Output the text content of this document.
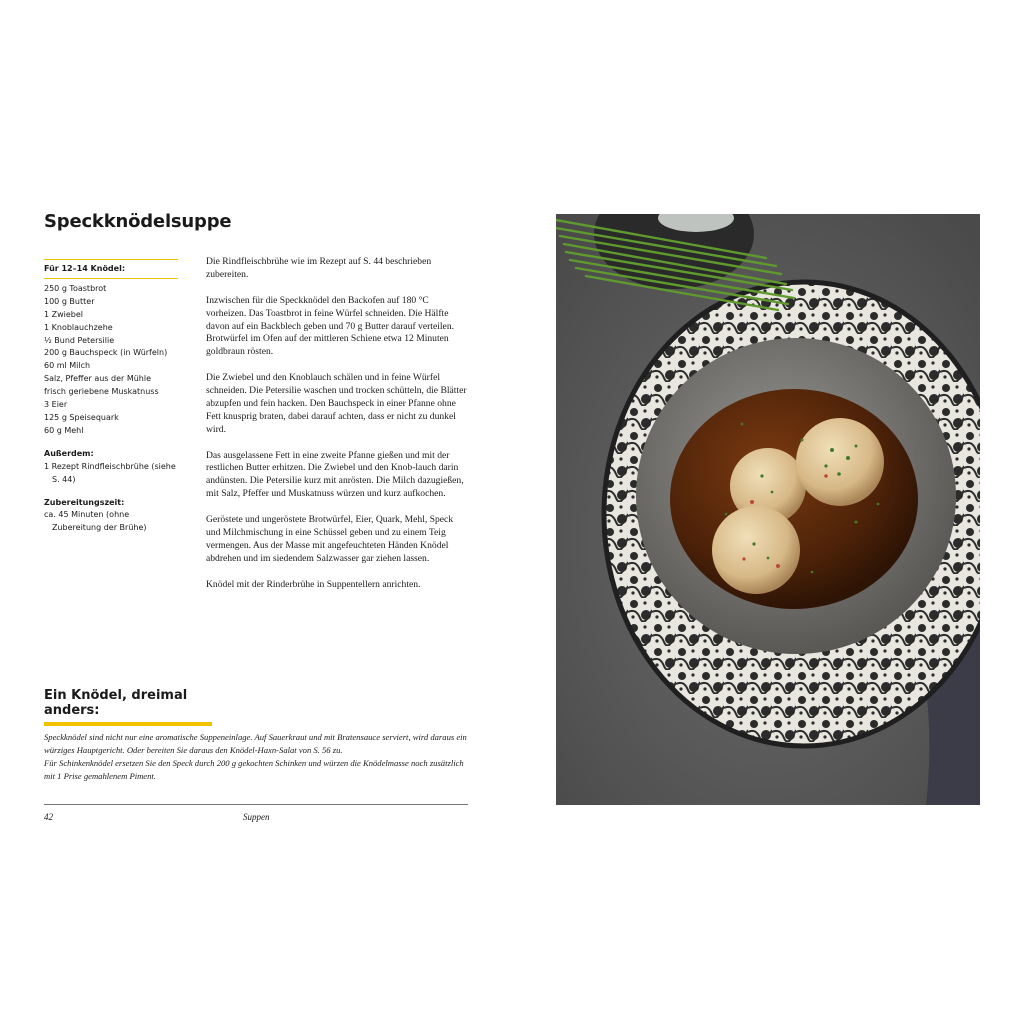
Speckknödelsuppe
Für 12–14 Knödel:
250 g Toastbrot
100 g Butter
1 Zwiebel
1 Knoblauchzehe
½ Bund Petersilie
200 g Bauchspeck (in Würfeln)
60 ml Milch
Salz, Pfeffer aus der Mühle
frisch geriebene Muskatnuss
3 Eier
125 g Speisequark
60 g Mehl
Außerdem:
1 Rezept Rindfleischbrühe (siehe S. 44)
Zubereitungszeit:
ca. 45 Minuten (ohne Zubereitung der Brühe)

Die Rindfleischbrühe wie im Rezept auf S. 44 beschrieben zubereiten.

Inzwischen für die Speckknödel den Backofen auf 180 °C vorheizen. Das Toastbrot in feine Würfel schneiden. Die Hälfte davon auf ein Backblech geben und 70 g Butter darauf verteilen. Brotwürfel im Ofen auf der mittleren Schiene etwa 12 Minuten goldbraun rösten.

Die Zwiebel und den Knoblauch schälen und in feine Würfel schneiden. Die Petersilie waschen und trocken schütteln, die Blätter abzupfen und fein hacken. Den Bauchspeck in einer Pfanne ohne Fett knusprig braten, dabei darauf achten, dass er nicht zu dunkel wird.

Das ausgelassene Fett in eine zweite Pfanne gießen und mit der restlichen Butter erhitzen. Die Zwiebel und den Knob-lauch darin andünsten. Die Petersilie kurz mit anrösten. Die Milch dazugießen, mit Salz, Pfeffer und Muskatnuss würzen und kurz aufkochen.

Geröstete und ungeröstete Brotwürfel, Eier, Quark, Mehl, Speck und Milchmischung in eine Schüssel geben und zu einem Teig vermengen. Aus der Masse mit angefeuchteten Händen Knödel abdrehen und im siedendem Salzwasser gar ziehen lassen.

Knödel mit der Rinderbrühe in Suppentellern anrichten.

Ein Knödel, dreimal anders:

Speckknödel sind nicht nur eine aromatische Suppeneinlage. Auf Sauerkraut und mit Bratensauce serviert, wird daraus ein würziges Hauptgericht. Oder bereiten Sie daraus den Knödel-Haxn-Salat von S. 56 zu.

Für Schinkenknödel ersetzen Sie den Speck durch 200 g gekochten Schinken und würzen die Knödelmasse noch zusätzlich mit 1 Prise gemahlenem Piment.

42	Suppen
